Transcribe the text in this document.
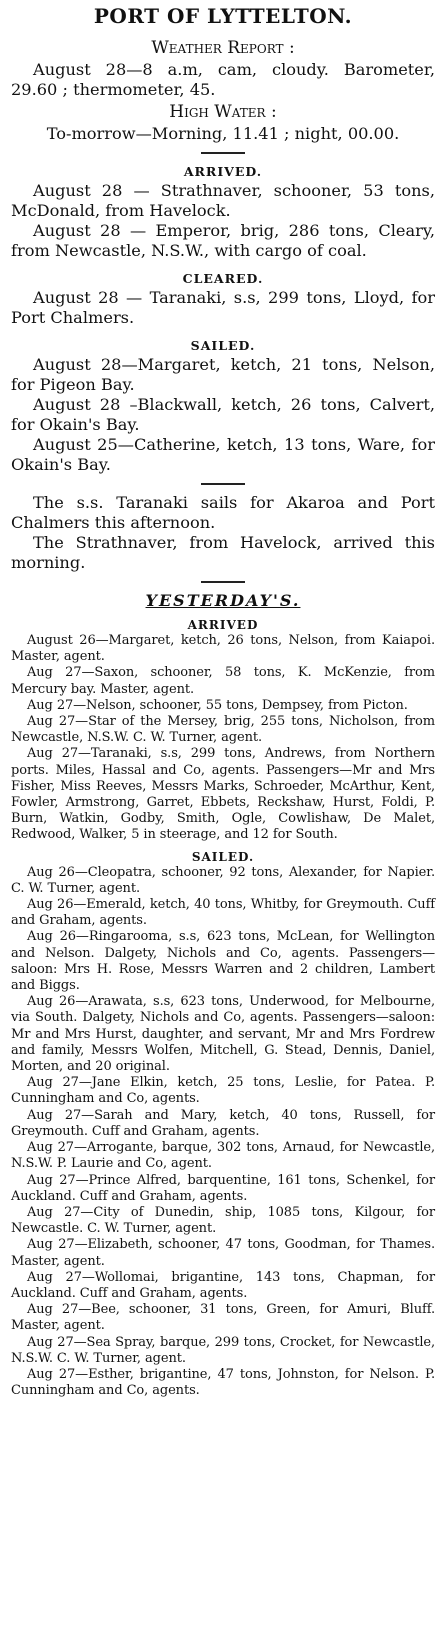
PORT OF LYTTELTON.
Weather Report :

August 28—8 a.m, cam, cloudy. Barometer, 29.60 ; thermometer, 45.

High Water :

To-morrow—Morning, 11.41 ; night, 00.00.

ARRIVED.

August 28 — Strathnaver, schooner, 53 tons, McDonald, from Havelock.

August 28 — Emperor, brig, 286 tons, Cleary, from Newcastle, N.S.W., with cargo of coal.

CLEARED.

August 28 — Taranaki, s.s, 299 tons, Lloyd, for Port Chalmers.

SAILED.

August 28—Margaret, ketch, 21 tons, Nelson, for Pigeon Bay.

August 28 –Blackwall, ketch, 26 tons, Calvert, for Okain's Bay.

August 25—Catherine, ketch, 13 tons, Ware, for Okain's Bay.

The s.s. Taranaki sails for Akaroa and Port Chalmers this afternoon.

The Strathnaver, from Havelock, arrived this morning.

YESTERDAY'S.
ARRIVED

August 26—Margaret, ketch, 26 tons, Nelson, from Kaiapoi. Master, agent.

Aug 27—Saxon, schooner, 58 tons, K. McKenzie, from Mercury bay. Master, agent.

Aug 27—Nelson, schooner, 55 tons, Dempsey, from Picton.

Aug 27—Star of the Mersey, brig, 255 tons, Nicholson, from Newcastle, N.S.W. C. W. Turner, agent.

Aug 27—Taranaki, s.s, 299 tons, Andrews, from Northern ports. Miles, Hassal and Co, agents. Passengers—Mr and Mrs Fisher, Miss Reeves, Messrs Marks, Schroeder, McArthur, Kent, Fowler, Armstrong, Garret, Ebbets, Reckshaw, Hurst, Foldi, P. Burn, Watkin, Godby, Smith, Ogle, Cowlishaw, De Malet, Redwood, Walker, 5 in steerage, and 12 for South.

SAILED.

Aug 26—Cleopatra, schooner, 92 tons, Alexander, for Napier. C. W. Turner, agent.

Aug 26—Emerald, ketch, 40 tons, Whitby, for Greymouth. Cuff and Graham, agents.

Aug 26—Ringarooma, s.s, 623 tons, McLean, for Wellington and Nelson. Dalgety, Nichols and Co, agents. Passengers—saloon: Mrs H. Rose, Messrs Warren and 2 children, Lambert and Biggs.

Aug 26—Arawata, s.s, 623 tons, Underwood, for Melbourne, via South. Dalgety, Nichols and Co, agents. Passengers—saloon: Mr and Mrs Hurst, daughter, and servant, Mr and Mrs Fordrew and family, Messrs Wolfen, Mitchell, G. Stead, Dennis, Daniel, Morten, and 20 original.

Aug 27—Jane Elkin, ketch, 25 tons, Leslie, for Patea. P. Cunningham and Co, agents.

Aug 27—Sarah and Mary, ketch, 40 tons, Russell, for Greymouth. Cuff and Graham, agents.

Aug 27—Arrogante, barque, 302 tons, Arnaud, for Newcastle, N.S.W. P. Laurie and Co, agent.

Aug 27—Prince Alfred, barquentine, 161 tons, Schenkel, for Auckland. Cuff and Graham, agents.

Aug 27—City of Dunedin, ship, 1085 tons, Kilgour, for Newcastle. C. W. Turner, agent.

Aug 27—Elizabeth, schooner, 47 tons, Goodman, for Thames. Master, agent.

Aug 27—Wollomai, brigantine, 143 tons, Chapman, for Auckland. Cuff and Graham, agents.

Aug 27—Bee, schooner, 31 tons, Green, for Amuri, Bluff. Master, agent.

Aug 27—Sea Spray, barque, 299 tons, Crocket, for Newcastle, N.S.W. C. W. Turner, agent.

Aug 27—Esther, brigantine, 47 tons, Johnston, for Nelson. P. Cunningham and Co, agents.
